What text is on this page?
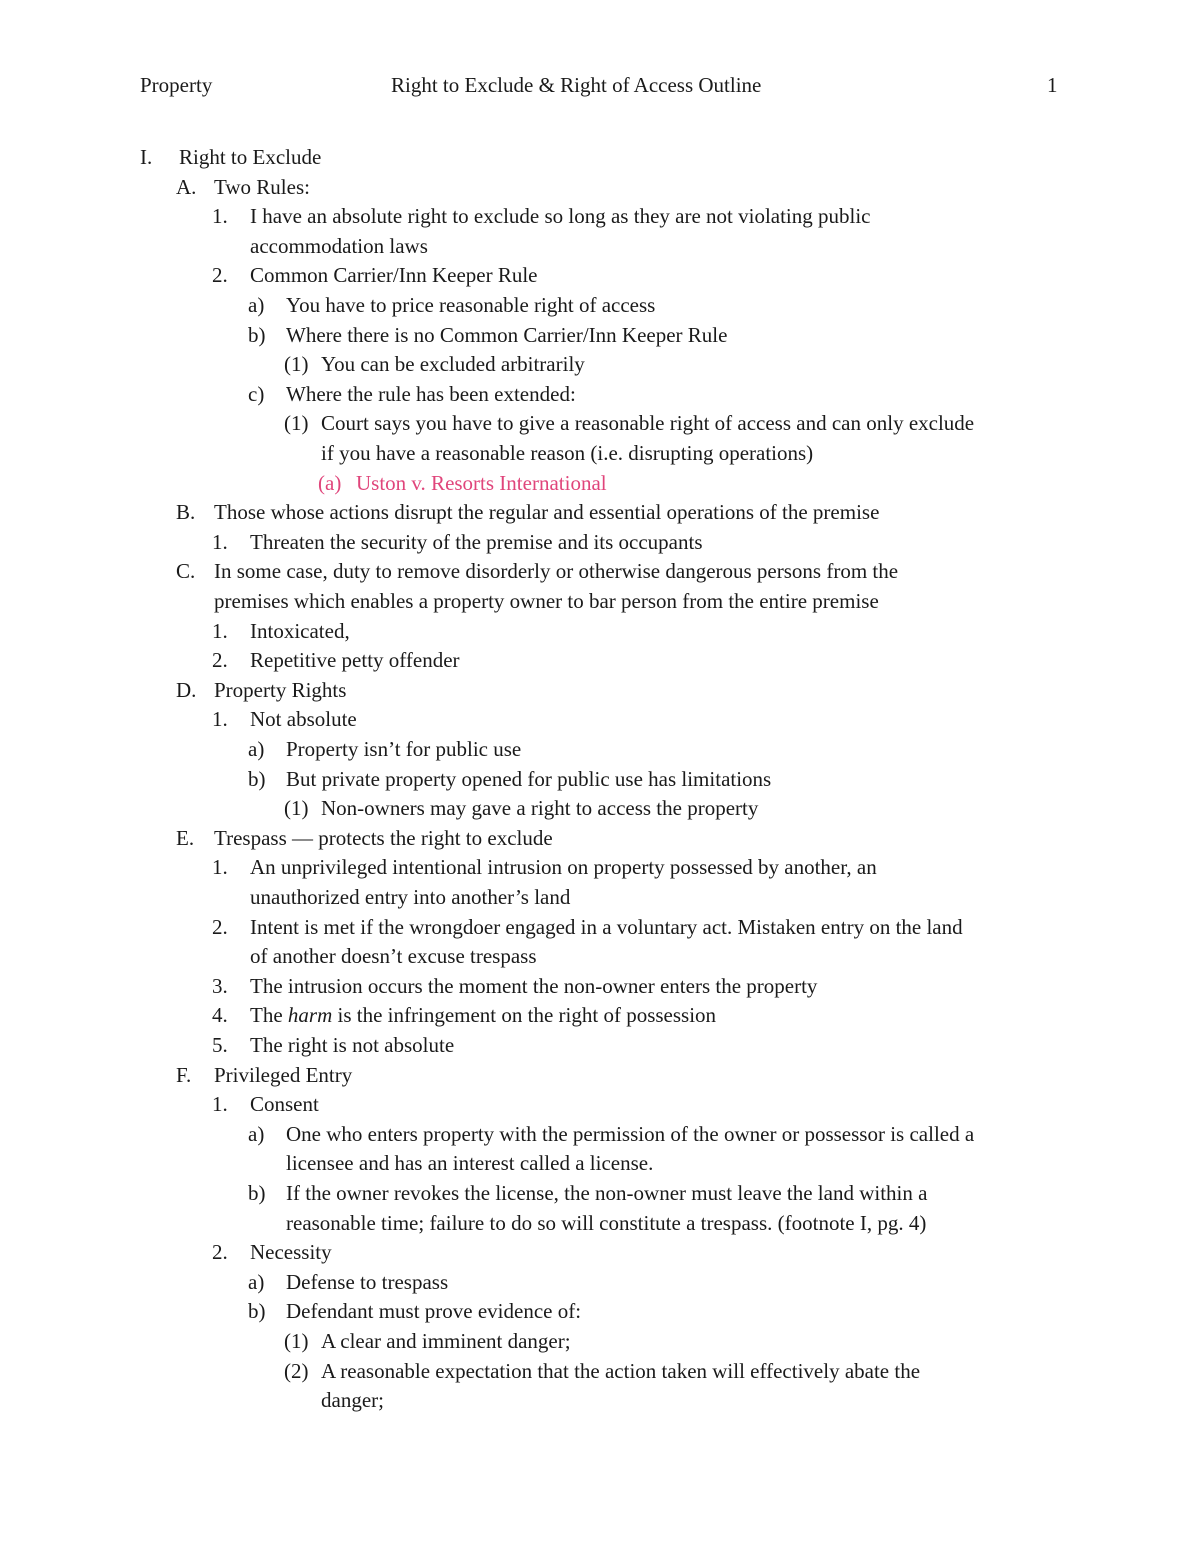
Property	Right to Exclude & Right of Access Outline	1
I. Right to Exclude
A. Two Rules:
1. I have an absolute right to exclude so long as they are not violating public
accommodation laws
2. Common Carrier/Inn Keeper Rule
a) You have to price reasonable right of access
b) Where there is no Common Carrier/Inn Keeper Rule
(1) You can be excluded arbitrarily
c) Where the rule has been extended:
(1) Court says you have to give a reasonable right of access and can only exclude
if you have a reasonable reason (i.e. disrupting operations)
(a) Uston v. Resorts International
B. Those whose actions disrupt the regular and essential operations of the premise
1. Threaten the security of the premise and its occupants
C. In some case, duty to remove disorderly or otherwise dangerous persons from the
premises which enables a property owner to bar person from the entire premise
1. Intoxicated,
2. Repetitive petty offender
D. Property Rights
1. Not absolute
a) Property isn’t for public use
b) But private property opened for public use has limitations
(1) Non-owners may gave a right to access the property
E. Trespass — protects the right to exclude
1. An unprivileged intentional intrusion on property possessed by another, an
unauthorized entry into another’s land
2. Intent is met if the wrongdoer engaged in a voluntary act. Mistaken entry on the land
of another doesn’t excuse trespass
3. The intrusion occurs the moment the non-owner enters the property
4. The harm is the infringement on the right of possession
5. The right is not absolute
F. Privileged Entry
1. Consent
a) One who enters property with the permission of the owner or possessor is called a
licensee and has an interest called a license.
b) If the owner revokes the license, the non-owner must leave the land within a
reasonable time; failure to do so will constitute a trespass. (footnote I, pg. 4)
2. Necessity
a) Defense to trespass
b) Defendant must prove evidence of:
(1) A clear and imminent danger;
(2) A reasonable expectation that the action taken will effectively abate the
danger;
